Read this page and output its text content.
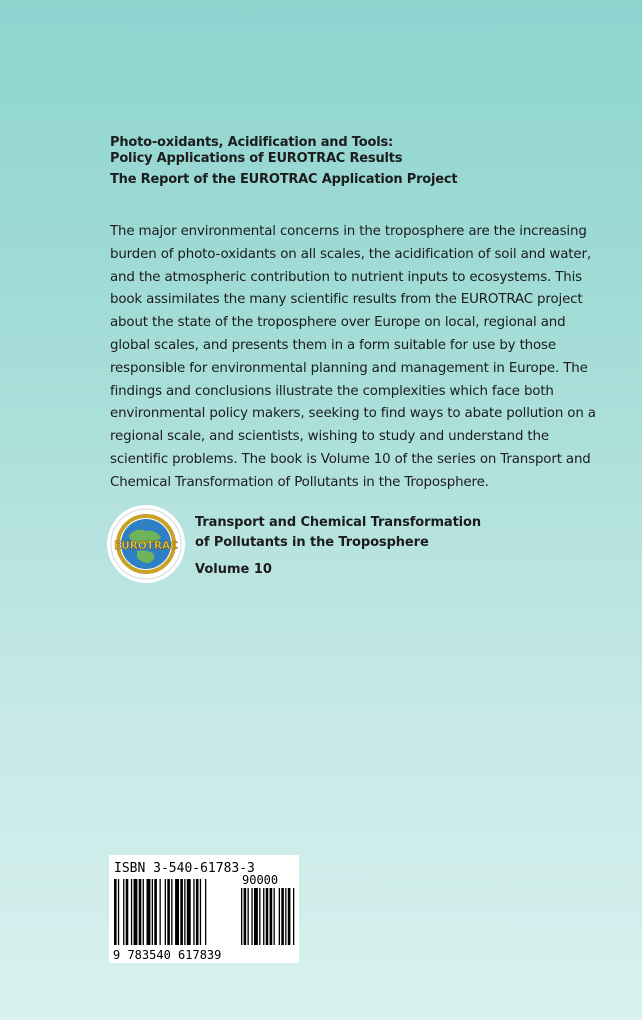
Photo-oxidants, Acidification and Tools:
Policy Applications of EUROTRAC Results
The Report of the EUROTRAC Application Project
The major environmental concerns in the troposphere are the increasing burden of photo-oxidants on all scales, the acidification of soil and water, and the atmospheric contribution to nutrient inputs to ecosystems. This book assimilates the many scientific results from the EUROTRAC project about the state of the troposphere over Europe on local, regional and global scales, and presents them in a form suitable for use by those responsible for environmental planning and management in Europe. The findings and conclusions illustrate the complexities which face both environmental policy makers, seeking to find ways to abate pollution on a regional scale, and scientists, wishing to study and understand the scientific problems. The book is Volume 10 of the series on Transport and Chemical Transformation of Pollutants in the Troposphere.
EUROTRAC
Transport and Chemical Transformation
of Pollutants in the Troposphere
Volume 10
ISBN 3-540-61783-3
90000
9 783540 617839
